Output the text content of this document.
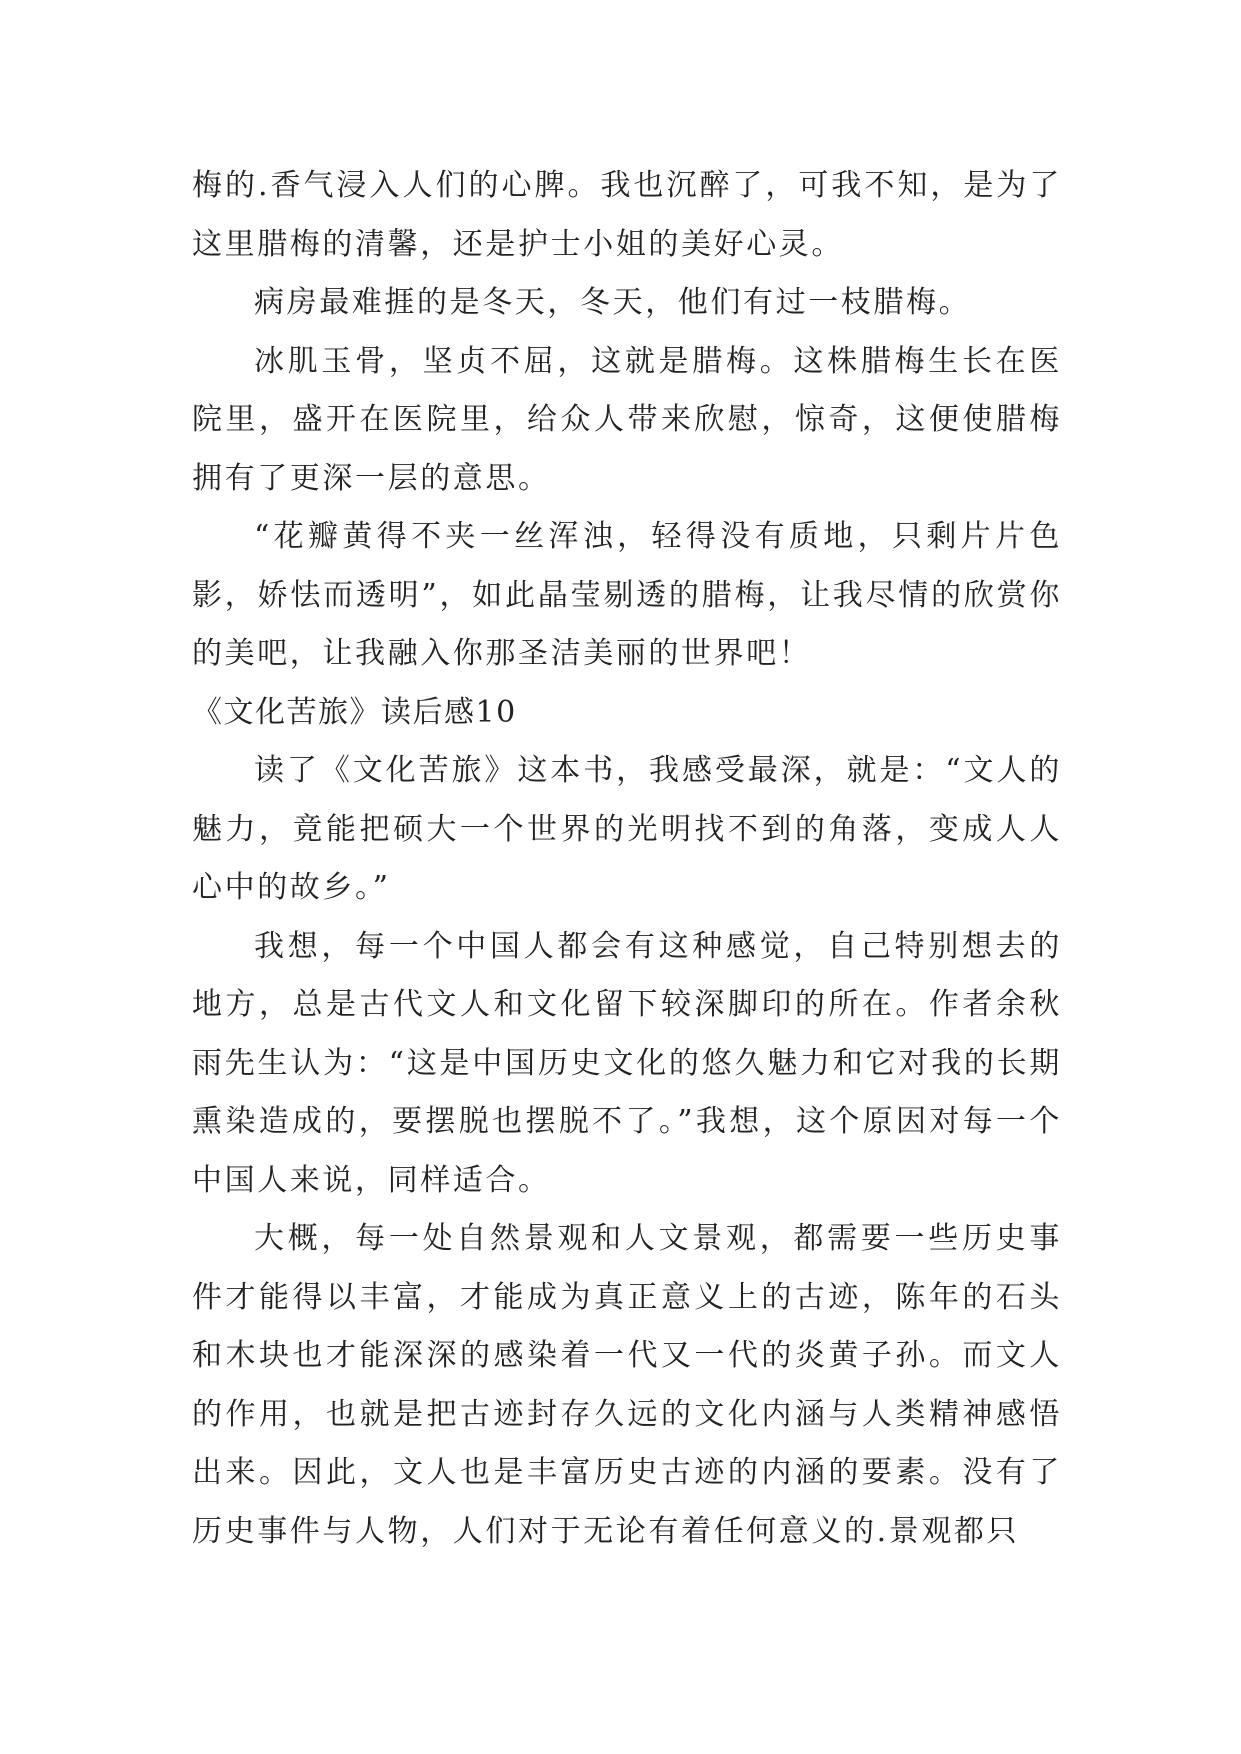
梅的.香气浸入人们的心脾。我也沉醉了，可我不知，是为了这里腊梅的清馨，还是护士小姐的美好心灵。

病房最难捱的是冬天，冬天，他们有过一枝腊梅。

冰肌玉骨，坚贞不屈，这就是腊梅。这株腊梅生长在医院里，盛开在医院里，给众人带来欣慰，惊奇，这便使腊梅拥有了更深一层的意思。

“花瓣黄得不夹一丝浑浊，轻得没有质地，只剩片片色影，娇怯而透明”，如此晶莹剔透的腊梅，让我尽情的欣赏你的美吧，让我融入你那圣洁美丽的世界吧！

《文化苦旅》读后感10

读了《文化苦旅》这本书，我感受最深，就是：“文人的魅力，竟能把硕大一个世界的光明找不到的角落，变成人人心中的故乡。”

我想，每一个中国人都会有这种感觉，自己特别想去的地方，总是古代文人和文化留下较深脚印的所在。作者余秋雨先生认为：“这是中国历史文化的悠久魅力和它对我的长期熏染造成的，要摆脱也摆脱不了。”我想，这个原因对每一个中国人来说，同样适合。

大概，每一处自然景观和人文景观，都需要一些历史事件才能得以丰富，才能成为真正意义上的古迹，陈年的石头和木块也才能深深的感染着一代又一代的炎黄子孙。而文人的作用，也就是把古迹封存久远的文化内涵与人类精神感悟出来。因此，文人也是丰富历史古迹的内涵的要素。没有了历史事件与人物，人们对于无论有着任何意义的.景观都只
